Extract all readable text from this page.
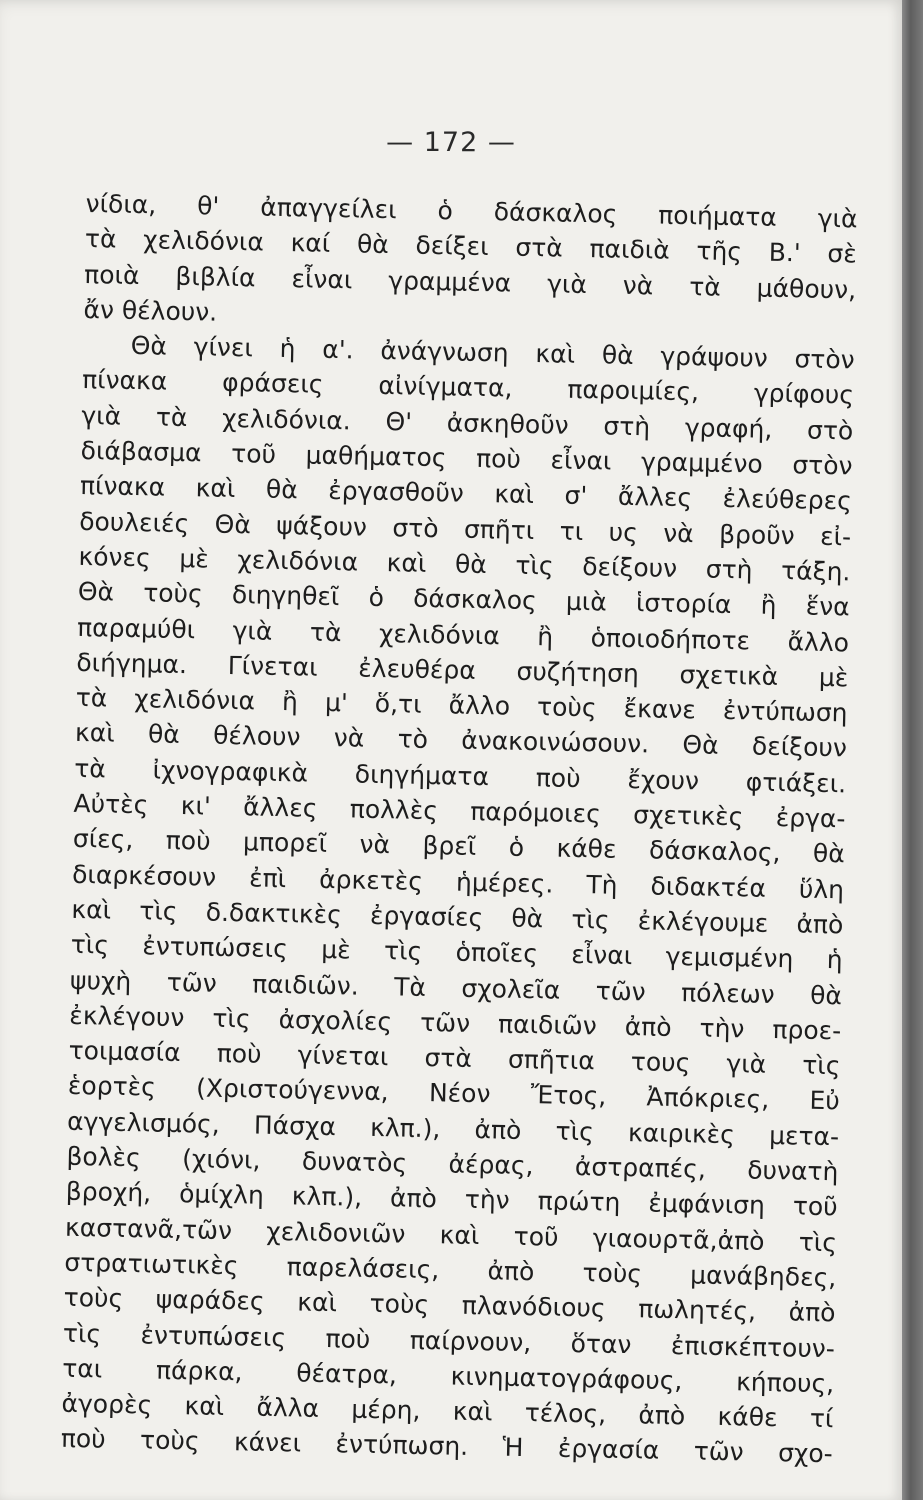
— 172 —
νίδια, θ' ἀπαγγείλει ὁ δάσκαλος ποιήματα γιὰ
τὰ χελιδόνια καί θὰ δείξει στὰ παιδιὰ τῆς Β.' σὲ
ποιὰ βιβλία εἶναι γραμμένα γιὰ νὰ τὰ μάθουν,
ἄν θέλουν.
Θὰ γίνει ἡ α'. ἀνάγνωση καὶ θὰ γράψουν στὸν
πίνακα φράσεις αἰνίγματα, παροιμίες, γρίφους
γιὰ τὰ χελιδόνια. Θ' ἀσκηθοῦν στὴ γραφή, στὸ
διάβασμα τοῦ μαθήματος ποὺ εἶναι γραμμένο στὸν
πίνακα καὶ θὰ ἐργασθοῦν καὶ σ' ἄλλες ἐλεύθερες
δουλειές Θὰ ψάξουν στὸ σπῆτι τι υς νὰ βροῦν εἰ-
κόνες μὲ χελιδόνια καὶ θὰ τὶς δείξουν στὴ τάξη.
Θὰ τοὺς διηγηθεῖ ὁ δάσκαλος μιὰ ἱστορία ἢ ἕνα
παραμύθι γιὰ τὰ χελιδόνια ἢ ὁποιοδήποτε ἄλλο
διήγημα. Γίνεται ἐλευθέρα συζήτηση σχετικὰ μὲ
τὰ χελιδόνια ἢ μ' ὅ,τι ἄλλο τοὺς ἔκανε ἐντύπωση
καὶ θὰ θέλουν νὰ τὸ ἀνακοινώσουν. Θὰ δείξουν
τὰ ἰχνογραφικὰ διηγήματα ποὺ ἔχουν φτιάξει.
Αὐτὲς κι' ἄλλες πολλὲς παρόμοιες σχετικὲς ἐργα-
σίες, ποὺ μπορεῖ νὰ βρεῖ ὁ κάθε δάσκαλος, θὰ
διαρκέσουν ἐπὶ ἀρκετὲς ἡμέρες. Τὴ διδακτέα ὕλη
καὶ τὶς δ.δακτικὲς ἐργασίες θὰ τὶς ἐκλέγουμε ἀπὸ
τὶς ἐντυπώσεις μὲ τὶς ὁποῖες εἶναι γεμισμένη ἡ
ψυχὴ τῶν παιδιῶν. Τὰ σχολεῖα τῶν πόλεων θὰ
ἐκλέγουν τὶς ἀσχολίες τῶν παιδιῶν ἀπὸ τὴν προε-
τοιμασία ποὺ γίνεται στὰ σπῆτια τους γιὰ τὶς
ἑορτὲς (Χριστούγεννα, Νέον Ἔτος, Ἀπόκριες, Εὐ
αγγελισμός, Πάσχα κλπ.), ἀπὸ τὶς καιρικὲς μετα-
βολὲς (χιόνι, δυνατὸς ἀέρας, ἀστραπές, δυνατὴ
βροχή, ὁμίχλη κλπ.), ἀπὸ τὴν πρώτη ἐμφάνιση τοῦ
καστανᾶ,τῶν χελιδονιῶν καὶ τοῦ γιαουρτᾶ,ἀπὸ τὶς
στρατιωτικὲς παρελάσεις, ἀπὸ τοὺς μανάβηδες,
τοὺς ψαράδες καὶ τοὺς πλανόδιους πωλητές, ἀπὸ
τὶς ἐντυπώσεις ποὺ παίρνουν, ὅταν ἐπισκέπτουν-
ται πάρκα, θέατρα, κινηματογράφους, κήπους,
ἀγορὲς καὶ ἄλλα μέρη, καὶ τέλος, ἀπὸ κάθε τί
ποὺ τοὺς κάνει ἐντύπωση. Ἡ ἐργασία τῶν σχο-
